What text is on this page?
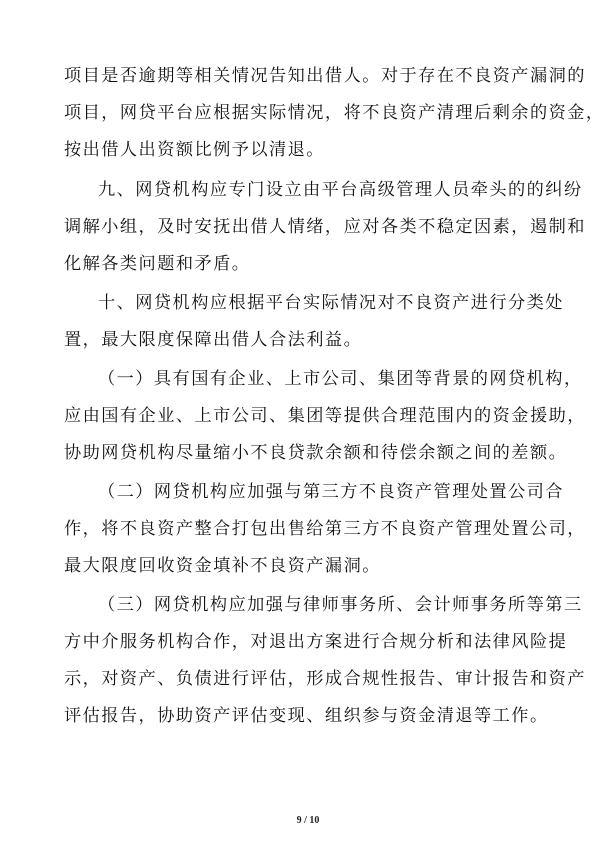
项目是否逾期等相关情况告知出借人。对于存在不良资产漏洞的
项目，网贷平台应根据实际情况，将不良资产清理后剩余的资金，
按出借人出资额比例予以清退。
九、网贷机构应专门设立由平台高级管理人员牵头的的纠纷
调解小组，及时安抚出借人情绪，应对各类不稳定因素，遏制和
化解各类问题和矛盾。
十、网贷机构应根据平台实际情况对不良资产进行分类处
置，最大限度保障出借人合法利益。
（一）具有国有企业、上市公司、集团等背景的网贷机构，
应由国有企业、上市公司、集团等提供合理范围内的资金援助，
协助网贷机构尽量缩小不良贷款余额和待偿余额之间的差额。
（二）网贷机构应加强与第三方不良资产管理处置公司合
作，将不良资产整合打包出售给第三方不良资产管理处置公司，
最大限度回收资金填补不良资产漏洞。
（三）网贷机构应加强与律师事务所、会计师事务所等第三
方中介服务机构合作，对退出方案进行合规分析和法律风险提
示，对资产、负债进行评估，形成合规性报告、审计报告和资产
评估报告，协助资产评估变现、组织参与资金清退等工作。
9 / 10
